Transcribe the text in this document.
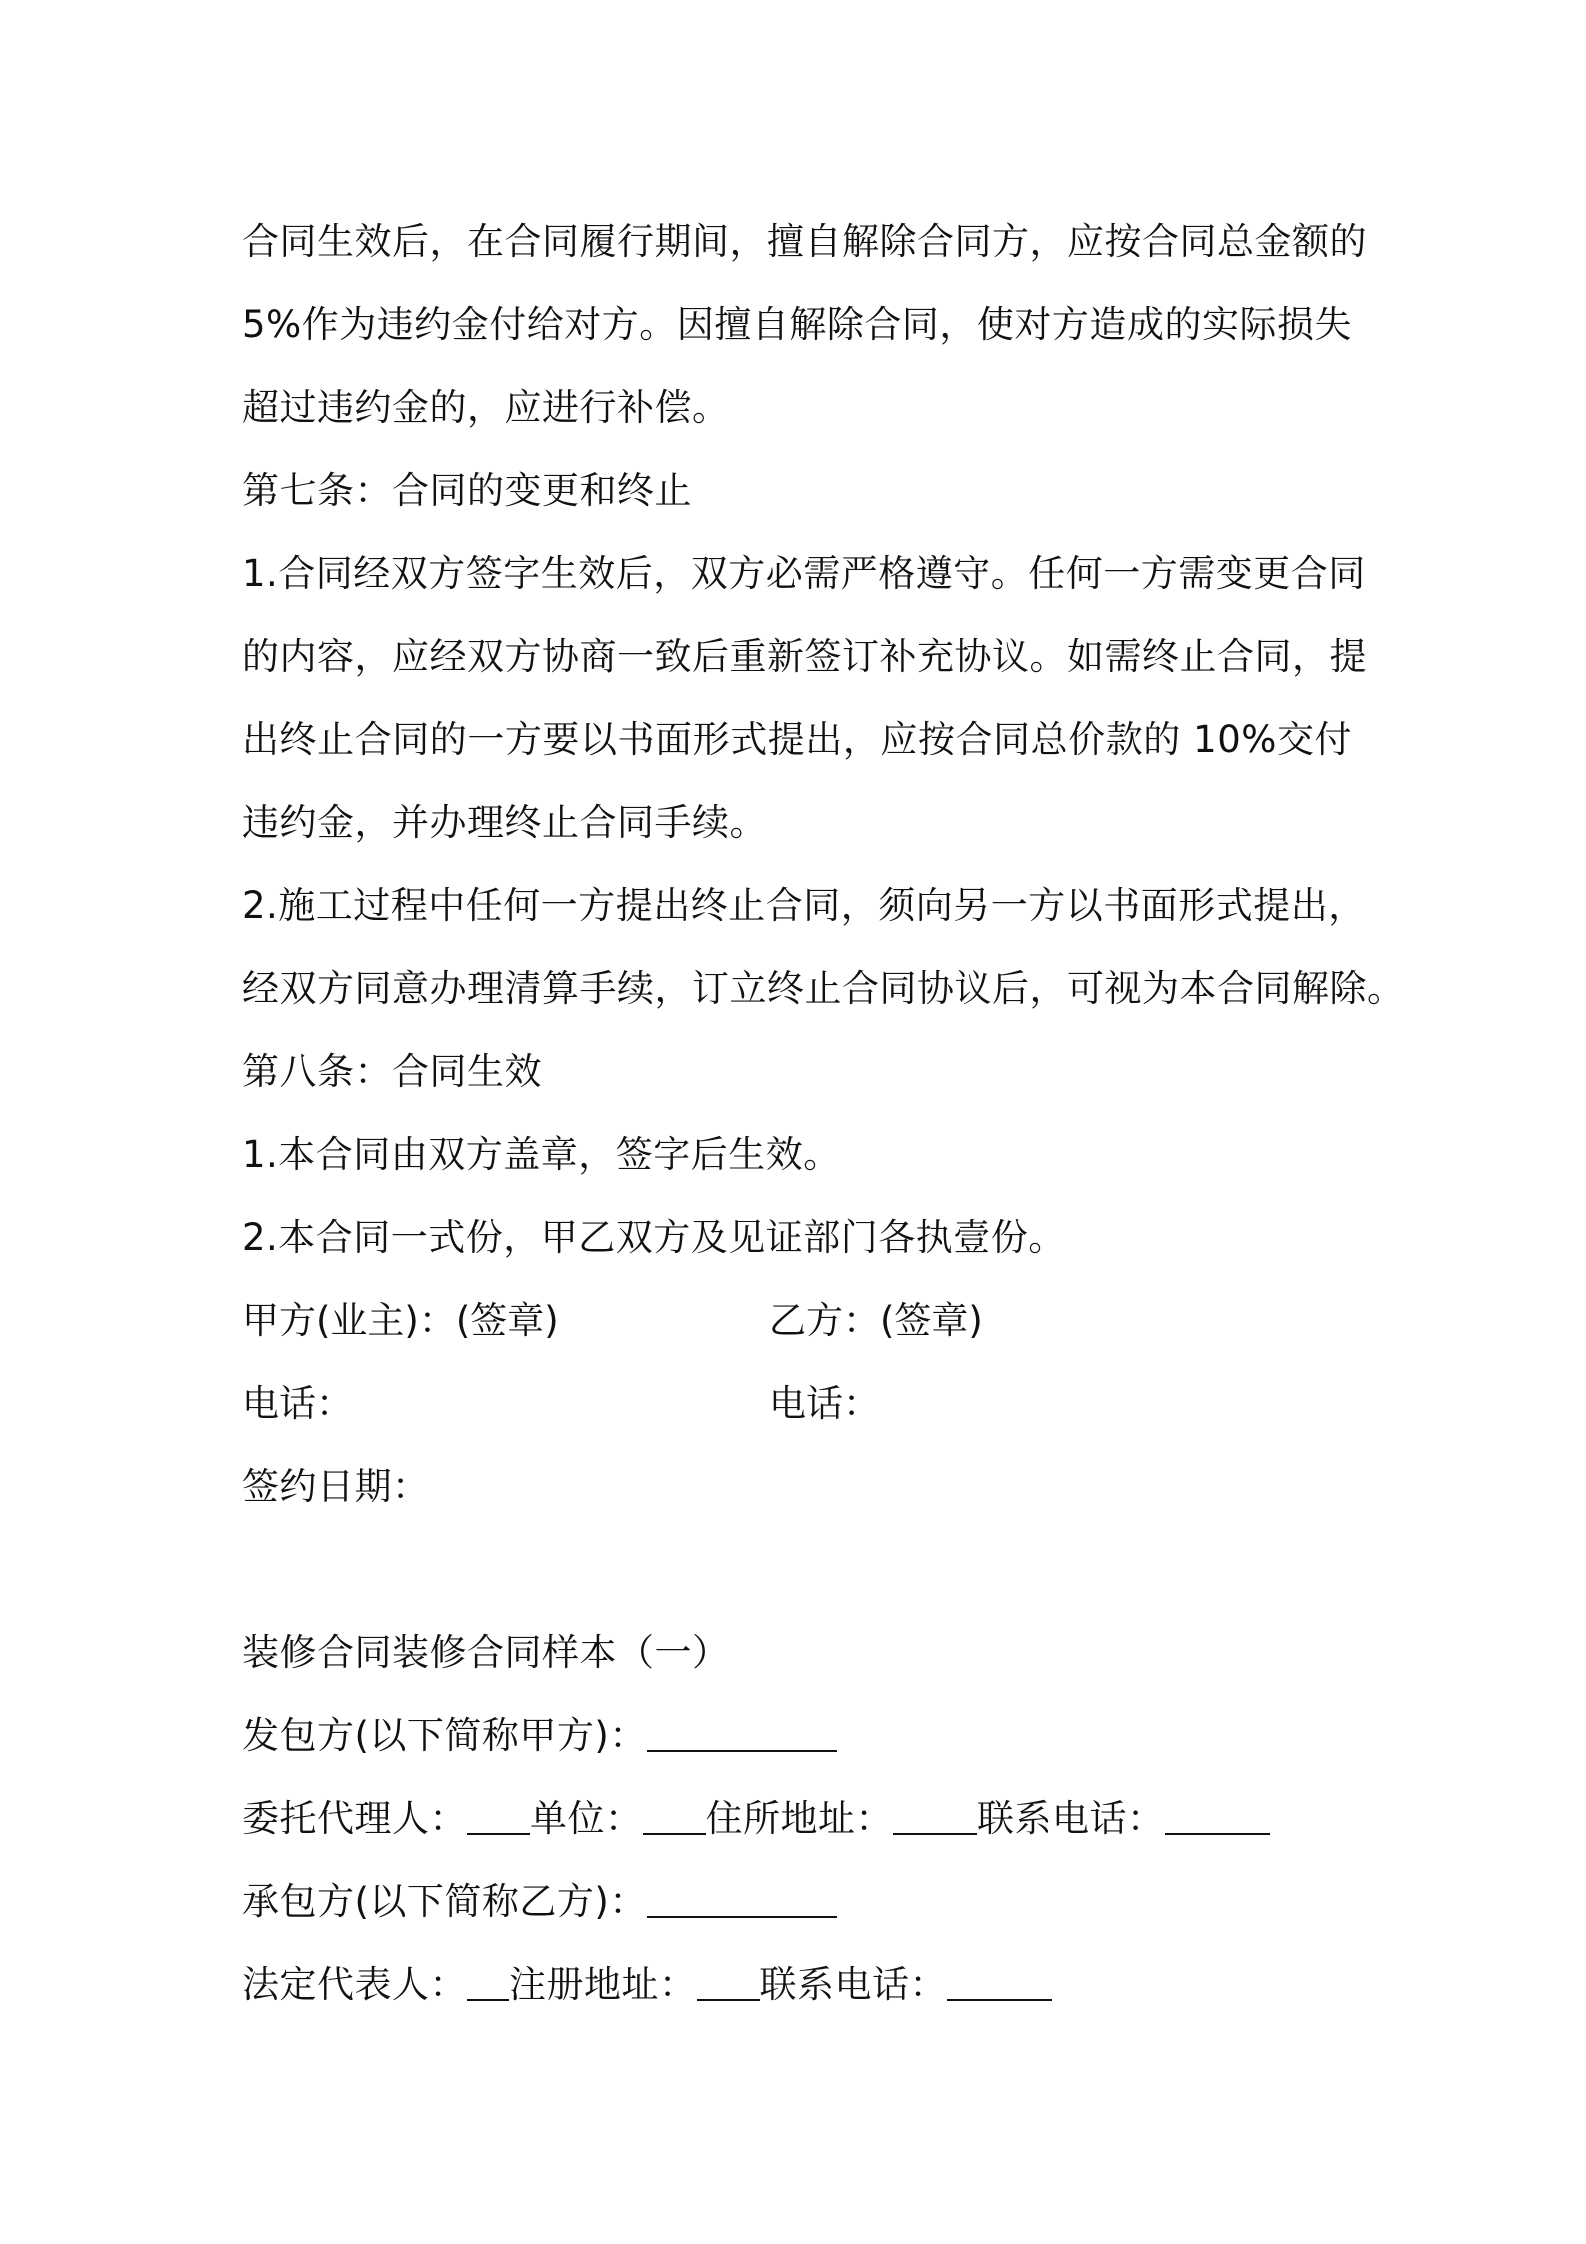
合同生效后，在合同履行期间，擅自解除合同方，应按合同总金额的
5%作为违约金付给对方。因擅自解除合同，使对方造成的实际损失
超过违约金的，应进行补偿。
第七条：合同的变更和终止
1.合同经双方签字生效后，双方必需严格遵守。任何一方需变更合同
的内容，应经双方协商一致后重新签订补充协议。如需终止合同，提
出终止合同的一方要以书面形式提出，应按合同总价款的 10%交付
违约金，并办理终止合同手续。
2.施工过程中任何一方提出终止合同，须向另一方以书面形式提出，
经双方同意办理清算手续，订立终止合同协议后，可视为本合同解除。
第八条：合同生效
1.本合同由双方盖章，签字后生效。
2.本合同一式份，甲乙双方及见证部门各执壹份。
甲方(业主)：(签章)	乙方：(签章)
电话：	电话：
签约日期：
装修合同装修合同样本（一）
发包方(以下简称甲方)：
委托代理人： 单位： 住所地址： 联系电话：
承包方(以下简称乙方)：
法定代表人： 注册地址： 联系电话：
